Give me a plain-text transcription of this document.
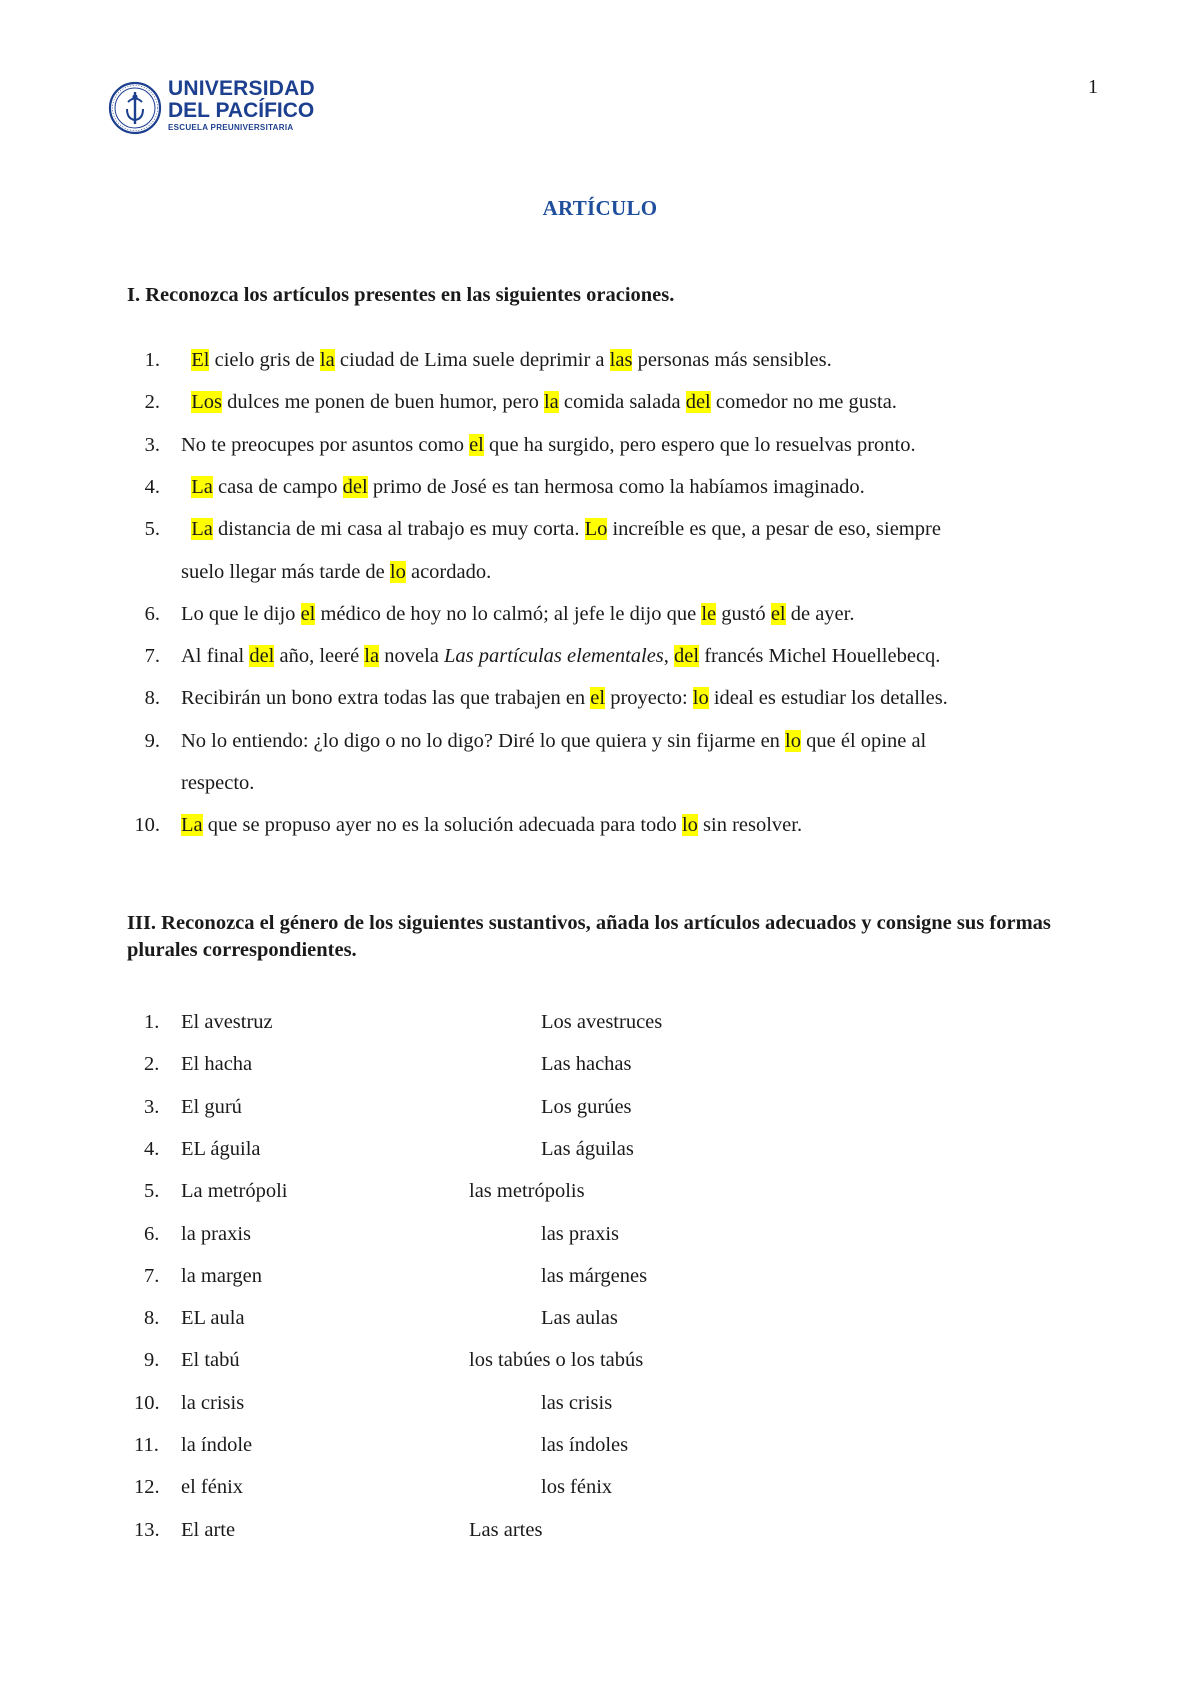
UNIVERSIDAD
DEL PACÍFICO
ESCUELA PREUNIVERSITARIA
1
ARTÍCULO
I. Reconozca los artículos presentes en las siguientes oraciones.
1.	El cielo gris de la ciudad de Lima suele deprimir a las personas más sensibles.
2.	Los dulces me ponen de buen humor, pero la comida salada del comedor no me gusta.
3. No te preocupes por asuntos como el que ha surgido, pero espero que lo resuelvas pronto.
4.	La casa de campo del primo de José es tan hermosa como la habíamos imaginado.
5.	La distancia de mi casa al trabajo es muy corta. Lo increíble es que, a pesar de eso, siempre
suelo llegar más tarde de lo acordado.
6. Lo que le dijo el médico de hoy no lo calmó; al jefe le dijo que le gustó el de ayer.
7. Al final del año, leeré la novela Las partículas elementales, del francés Michel Houellebecq.
8. Recibirán un bono extra todas las que trabajen en el proyecto: lo ideal es estudiar los detalles.
9. No lo entiendo: ¿lo digo o no lo digo? Diré lo que quiera y sin fijarme en lo que él opine al
respecto.
10. La que se propuso ayer no es la solución adecuada para todo lo sin resolver.
III. Reconozca el género de los siguientes sustantivos, añada los artículos adecuados y consigne sus formas plurales correspondientes.
1. El avestruz	Los avestruces
2. El hacha	Las hachas
3. El gurú	Los gurúes
4. EL águila	Las águilas
5. La metrópoli	las metrópolis
6. la praxis	las praxis
7. la margen	las márgenes
8. EL aula	Las aulas
9. El tabú	los tabúes o los tabús
10. la crisis	las crisis
11. la índole	las índoles
12. el fénix	los fénix
13. El arte	Las artes
